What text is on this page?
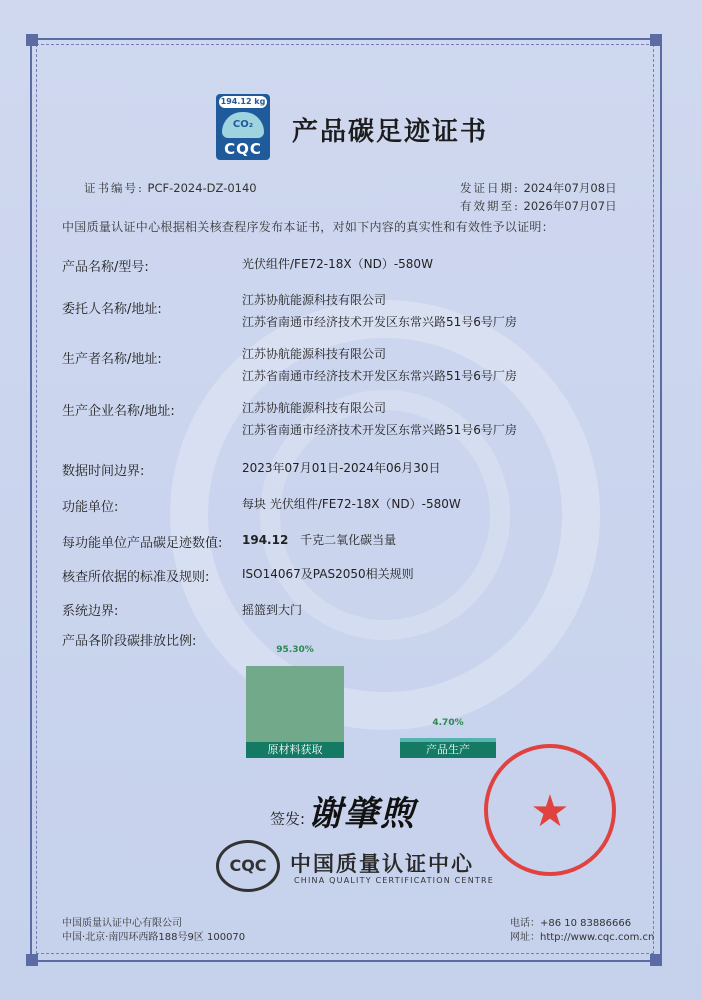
194.12 kg
CO₂
CQC
产品碳足迹证书
证书编号: PCF-2024-DZ-0140	发证日期: 2024年07月08日
有效期至: 2026年07月07日
中国质量认证中心根据相关核查程序发布本证书，对如下内容的真实性和有效性予以证明：
产品名称/型号:	光伏组件/FE72-18X（ND）-580W
委托人名称/地址:
江苏协航能源科技有限公司
江苏省南通市经济技术开发区东常兴路51号6号厂房
生产者名称/地址:	江苏协航能源科技有限公司
江苏省南通市经济技术开发区东常兴路51号6号厂房
生产企业名称/地址:	江苏协航能源科技有限公司
江苏省南通市经济技术开发区东常兴路51号6号厂房
数据时间边界:	2023年07月01日-2024年06月30日
功能单位:	每块 光伏组件/FE72-18X（ND）-580W
每功能单位产品碳足迹数值: 194.12 千克二氧化碳当量
核查所依据的标准及规则:	ISO14067及PAS2050相关规则
系统边界:	摇篮到大门
产品各阶段碳排放比例:
95.30%
原材料获取
4.70%
产品生产
签发: 谢肇煦	★
CQC	中国质量认证中心
CHINA QUALITY CERTIFICATION CENTRE
中国质量认证中心有限公司
中国·北京·南四环西路188号9区 100070
电话：+86 10 83886666
网址：http://www.cqc.com.cn
